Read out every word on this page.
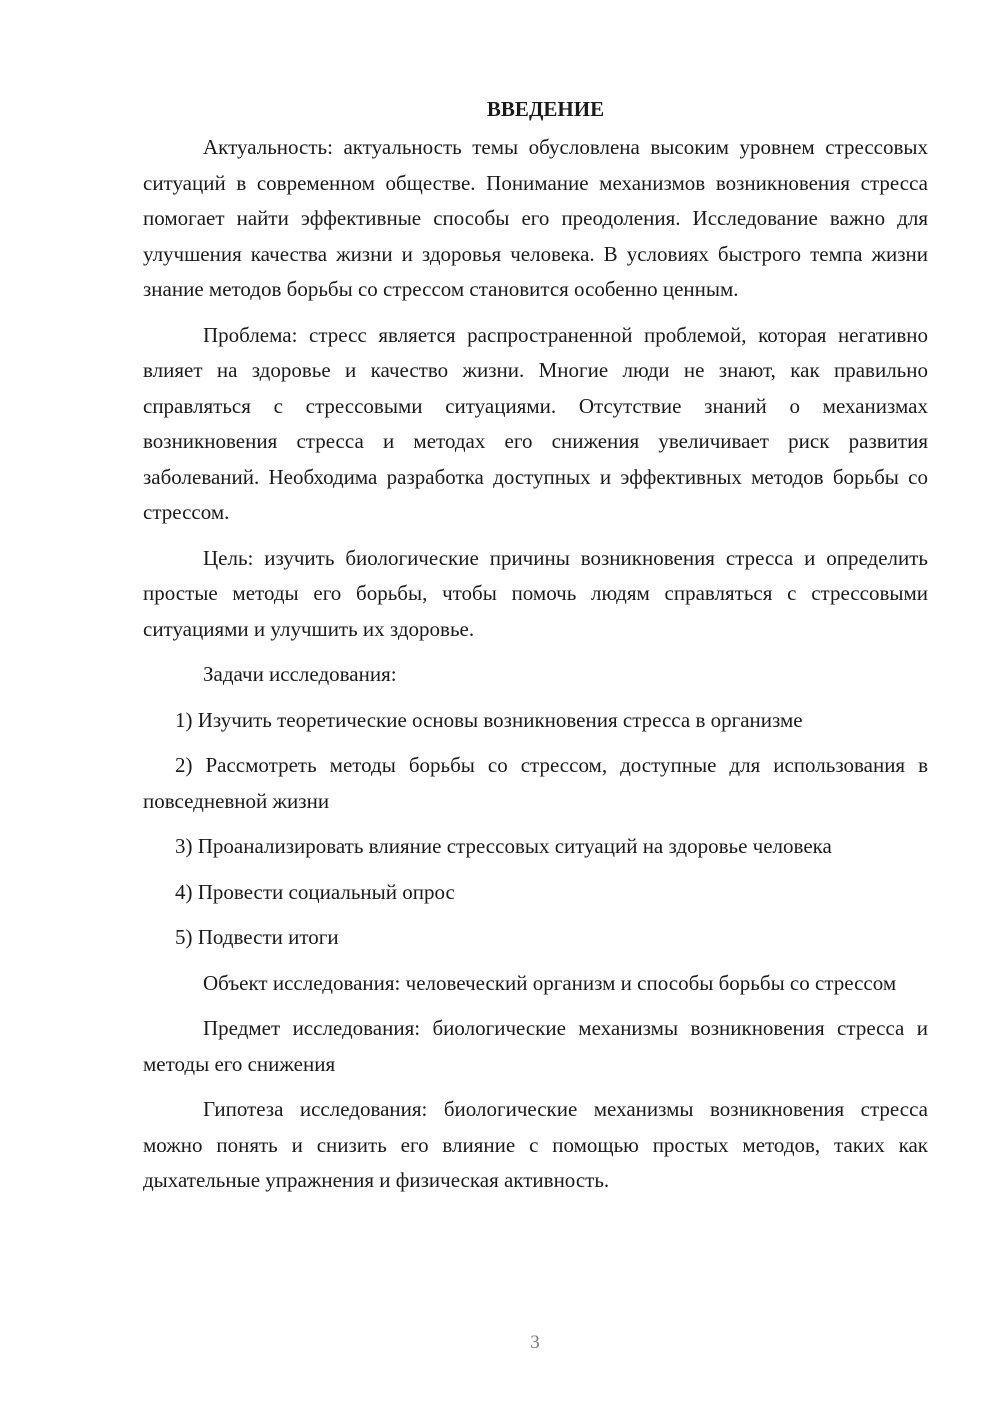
ВВЕДЕНИЕ

Актуальность: актуальность темы обусловлена высоким уровнем стрессовых ситуаций в современном обществе. Понимание механизмов возникновения стресса помогает найти эффективные способы его преодоления. Исследование важно для улучшения качества жизни и здоровья человека. В условиях быстрого темпа жизни знание методов борьбы со стрессом становится особенно ценным.

Проблема: стресс является распространенной проблемой, которая негативно влияет на здоровье и качество жизни. Многие люди не знают, как правильно справляться с стрессовыми ситуациями. Отсутствие знаний о механизмах возникновения стресса и методах его снижения увеличивает риск развития заболеваний. Необходима разработка доступных и эффективных методов борьбы со стрессом.

Цель: изучить биологические причины возникновения стресса и определить простые методы его борьбы, чтобы помочь людям справляться с стрессовыми ситуациями и улучшить их здоровье.

Задачи исследования:

1) Изучить теоретические основы возникновения стресса в организме

2) Рассмотреть методы борьбы со стрессом, доступные для использования в повседневной жизни

3) Проанализировать влияние стрессовых ситуаций на здоровье человека

4) Провести социальный опрос

5) Подвести итоги

Объект исследования: человеческий организм и способы борьбы со стрессом

Предмет исследования: биологические механизмы возникновения стресса и методы его снижения

Гипотеза исследования: биологические механизмы возникновения стресса можно понять и снизить его влияние с помощью простых методов, таких как дыхательные упражнения и физическая активность.

3
